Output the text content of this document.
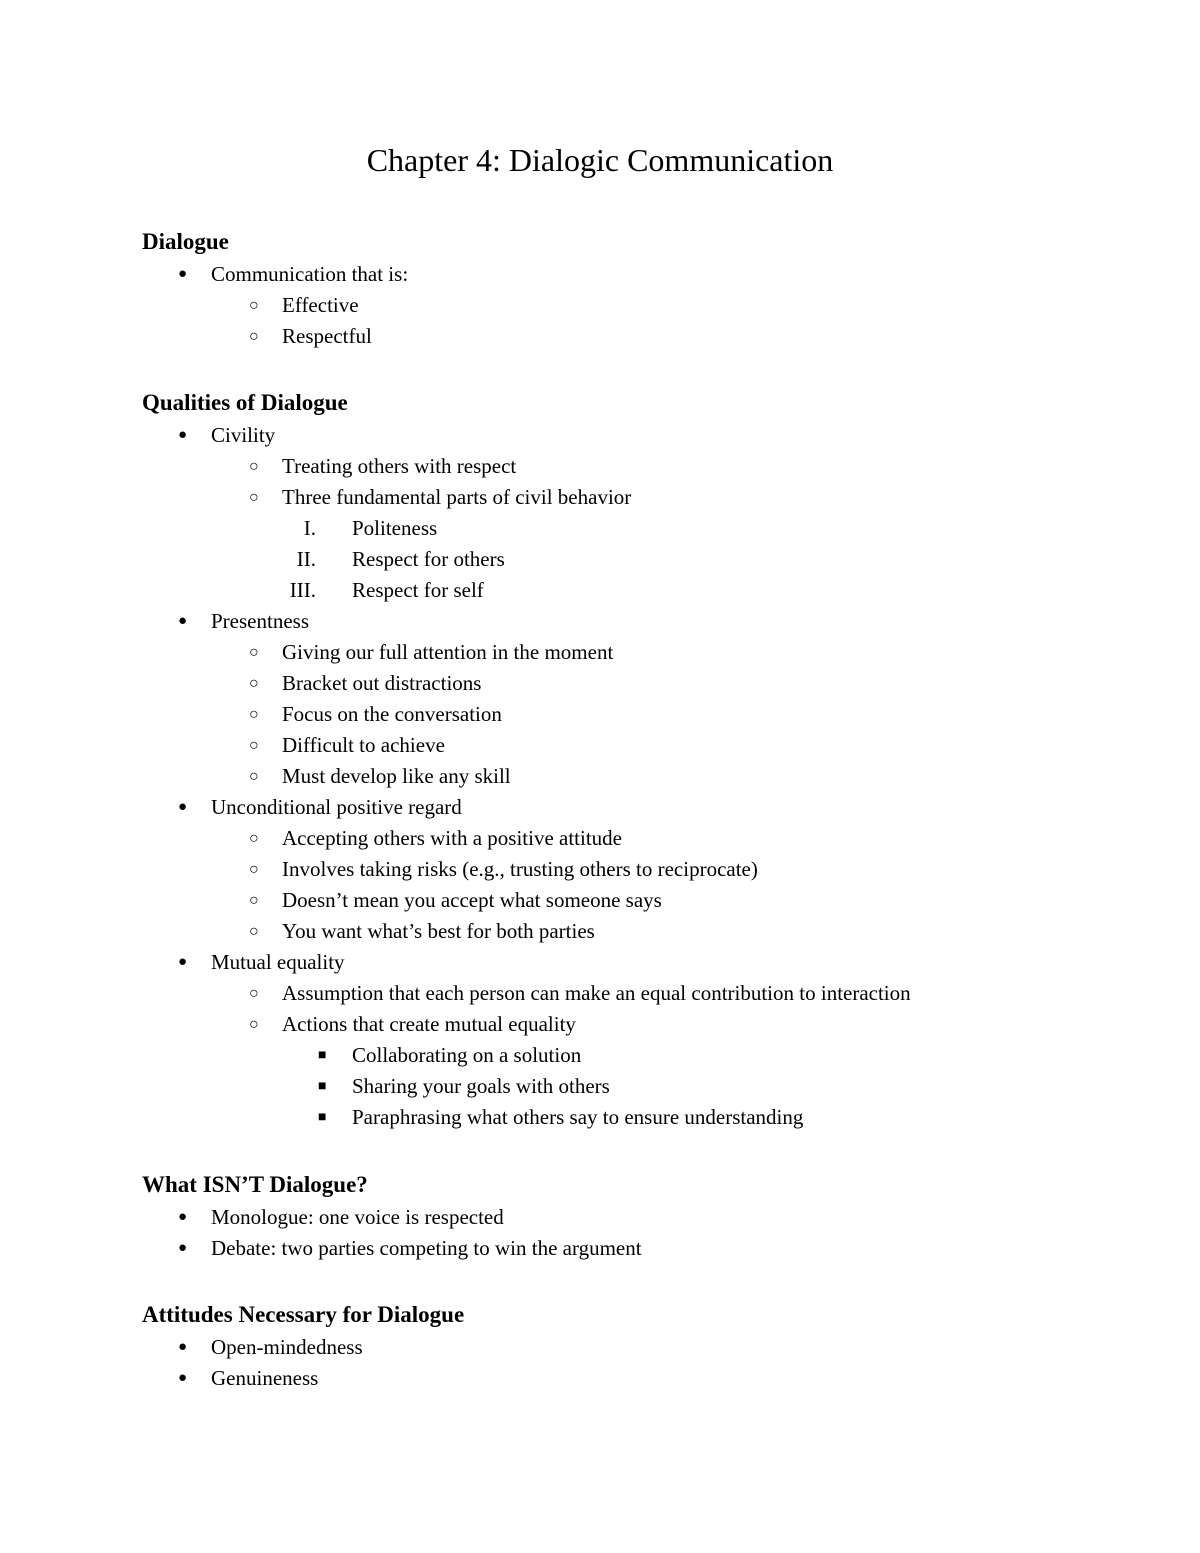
Chapter 4: Dialogic Communication
Dialogue
● Communication that is:
○ Effective
○ Respectful
Qualities of Dialogue
● Civility
○ Treating others with respect
○ Three fundamental parts of civil behavior
I. Politeness
II. Respect for others
III. Respect for self
● Presentness
○ Giving our full attention in the moment
○ Bracket out distractions
○ Focus on the conversation
○ Difficult to achieve
○ Must develop like any skill
● Unconditional positive regard
○ Accepting others with a positive attitude
○ Involves taking risks (e.g., trusting others to reciprocate)
○ Doesn’t mean you accept what someone says
○ You want what’s best for both parties
● Mutual equality
○ Assumption that each person can make an equal contribution to interaction
○ Actions that create mutual equality
■ Collaborating on a solution
■ Sharing your goals with others
■ Paraphrasing what others say to ensure understanding
What ISN’T Dialogue?
● Monologue: one voice is respected
● Debate: two parties competing to win the argument
Attitudes Necessary for Dialogue
● Open-mindedness
● Genuineness
